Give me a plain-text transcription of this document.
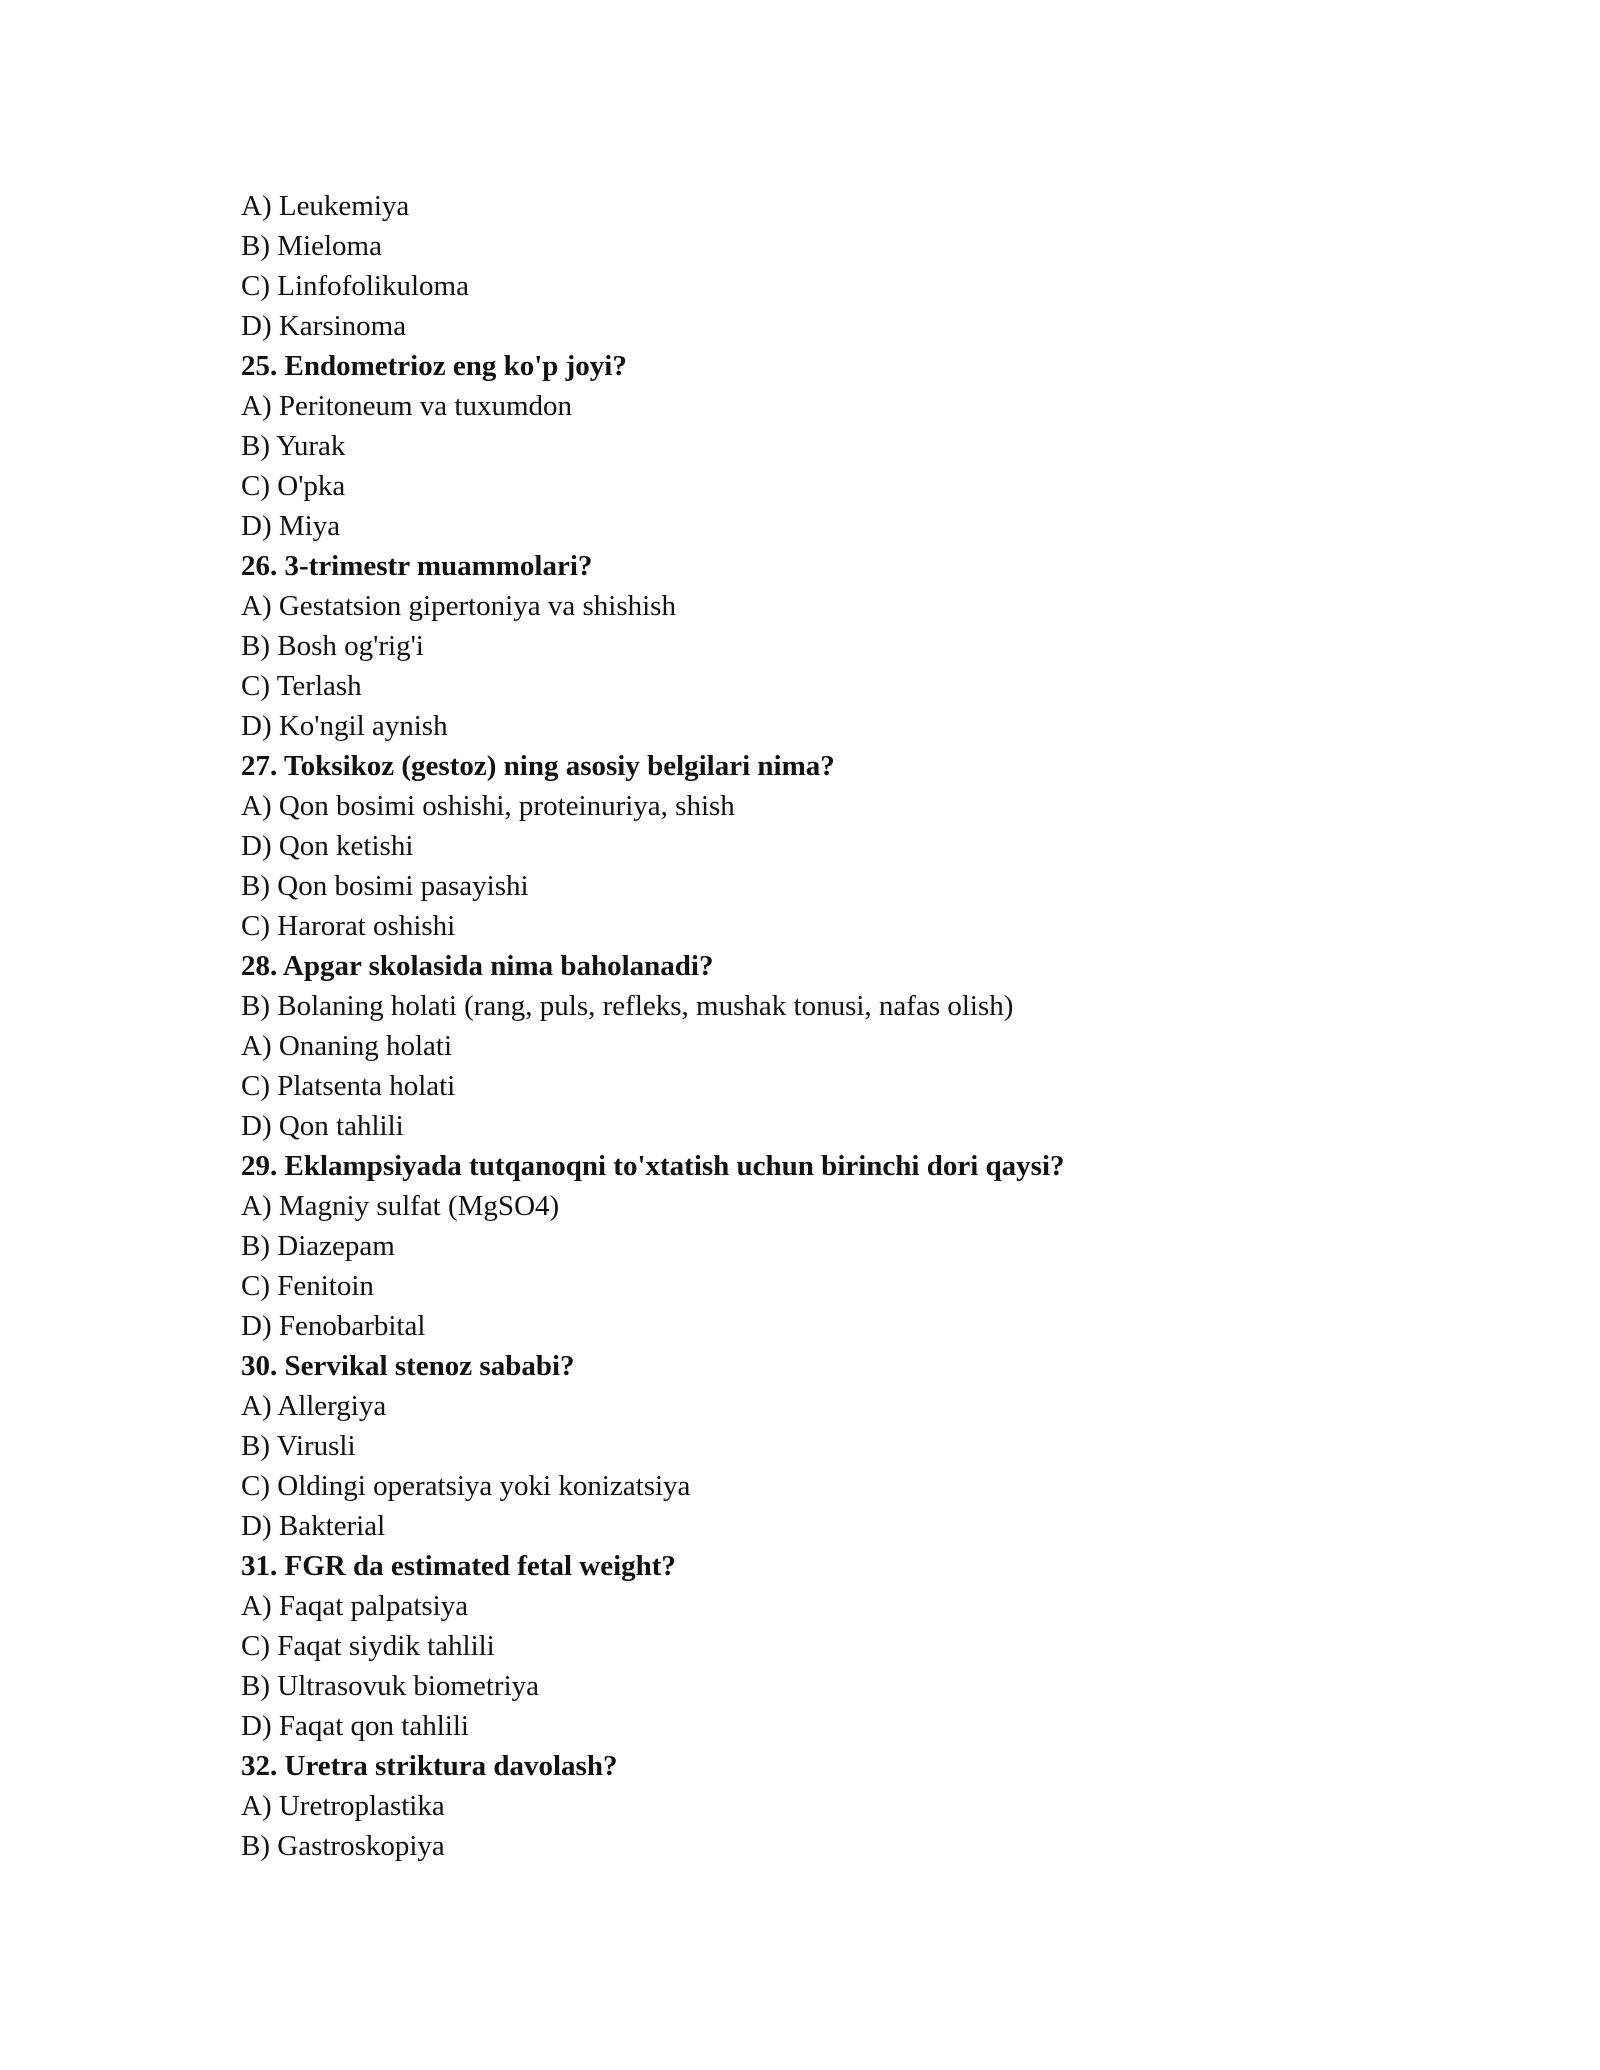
A) Leukemiya
B) Mieloma
C) Linfofolikuloma
D) Karsinoma
25. Endometrioz eng ko'p joyi?
A) Peritoneum va tuxumdon
B) Yurak
C) O'pka
D) Miya
26. 3-trimestr muammolari?
A) Gestatsion gipertoniya va shishish
B) Bosh og'rig'i
C) Terlash
D) Ko'ngil aynish
27. Toksikoz (gestoz) ning asosiy belgilari nima?
A) Qon bosimi oshishi, proteinuriya, shish
D) Qon ketishi
B) Qon bosimi pasayishi
C) Harorat oshishi
28. Apgar skolasida nima baholanadi?
B) Bolaning holati (rang, puls, refleks, mushak tonusi, nafas olish)
A) Onaning holati
C) Platsenta holati
D) Qon tahlili
29. Eklampsiyada tutqanoqni to'xtatish uchun birinchi dori qaysi?
A) Magniy sulfat (MgSO4)
B) Diazepam
C) Fenitoin
D) Fenobarbital
30. Servikal stenoz sababi?
A) Allergiya
B) Virusli
C) Oldingi operatsiya yoki konizatsiya
D) Bakterial
31. FGR da estimated fetal weight?
A) Faqat palpatsiya
C) Faqat siydik tahlili
B) Ultrasovuk biometriya
D) Faqat qon tahlili
32. Uretra striktura davolash?
A) Uretroplastika
B) Gastroskopiya
